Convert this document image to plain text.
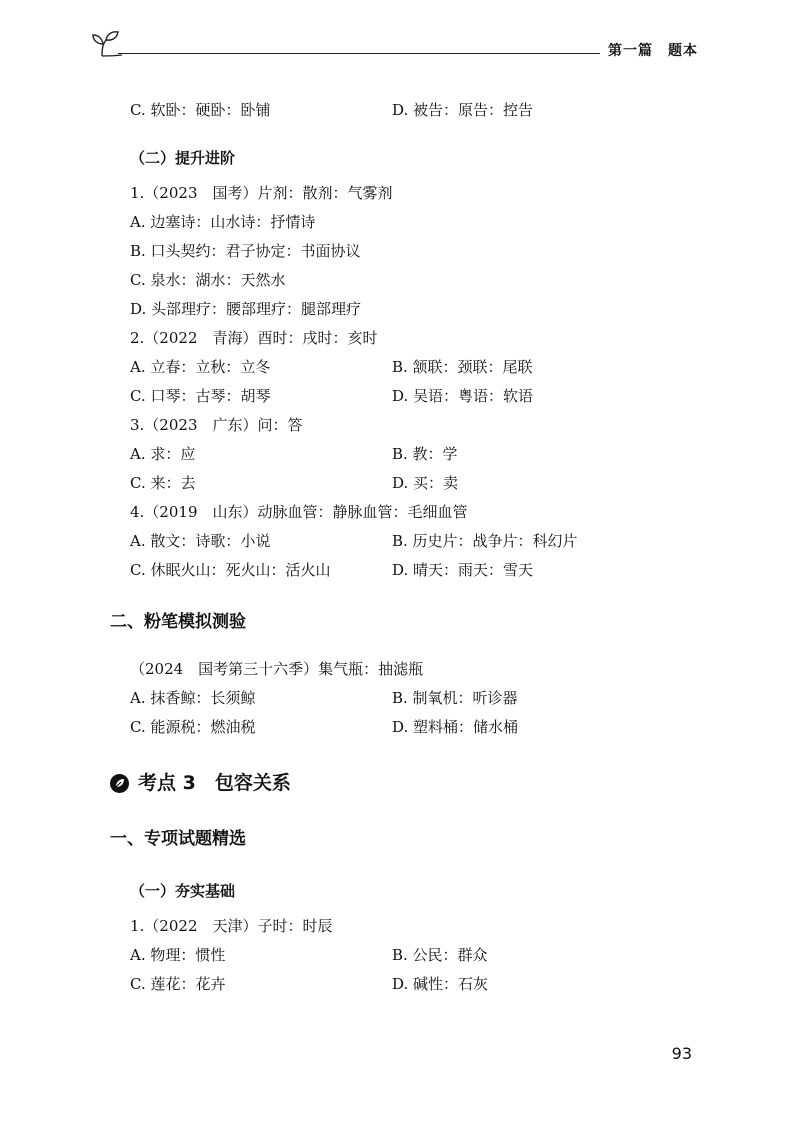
第一篇　题本
C. 软卧：硬卧：卧铺	D. 被告：原告：控告
（二）提升进阶
1.（2023　国考）片剂：散剂：气雾剂
A. 边塞诗：山水诗：抒情诗
B. 口头契约：君子协定：书面协议
C. 泉水：湖水：天然水
D. 头部理疗：腰部理疗：腿部理疗
2.（2022　青海）酉时：戌时：亥时
A. 立春：立秋：立冬	B. 颔联：颈联：尾联
C. 口琴：古琴：胡琴	D. 吴语：粤语：软语
3.（2023　广东）问：答
A. 求：应	B. 教：学
C. 来：去	D. 买：卖
4.（2019　山东）动脉血管：静脉血管：毛细血管
A. 散文：诗歌：小说	B. 历史片：战争片：科幻片
C. 休眠火山：死火山：活火山	D. 晴天：雨天：雪天
二、粉笔模拟测验
（2024　国考第三十六季）集气瓶：抽滤瓶
A. 抹香鲸：长须鲸	B. 制氧机：听诊器
C. 能源税：燃油税	D. 塑料桶：储水桶
考点 3　包容关系
一、专项试题精选
（一）夯实基础
1.（2022　天津）子时：时辰
A. 物理：惯性	B. 公民：群众
C. 莲花：花卉	D. 碱性：石灰
93
